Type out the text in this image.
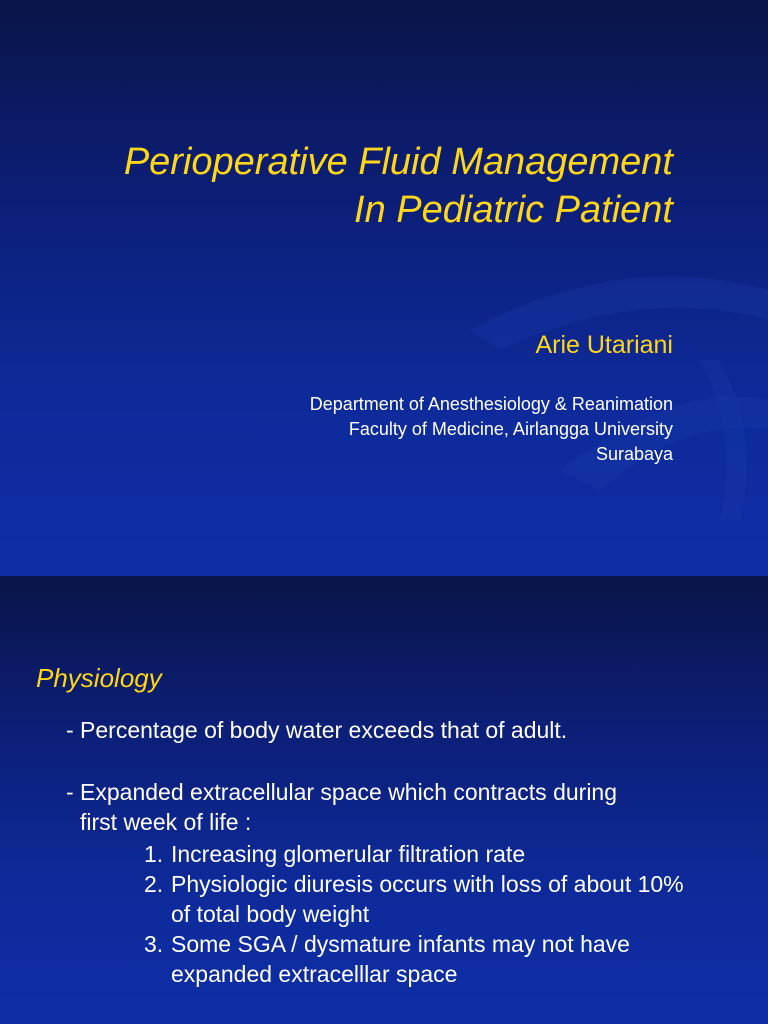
Perioperative Fluid Management
In Pediatric Patient

Arie Utariani

Department of Anesthesiology & Reanimation
Faculty of Medicine, Airlangga University
Surabaya

Physiology

- Percentage of body water exceeds that of adult.

- Expanded extracellular space which contracts during
first week of life :

1. Increasing glomerular filtration rate
2. Physiologic diuresis occurs with loss of about 10%
of total body weight
3. Some SGA / dysmature infants may not have
expanded extracelllar space
